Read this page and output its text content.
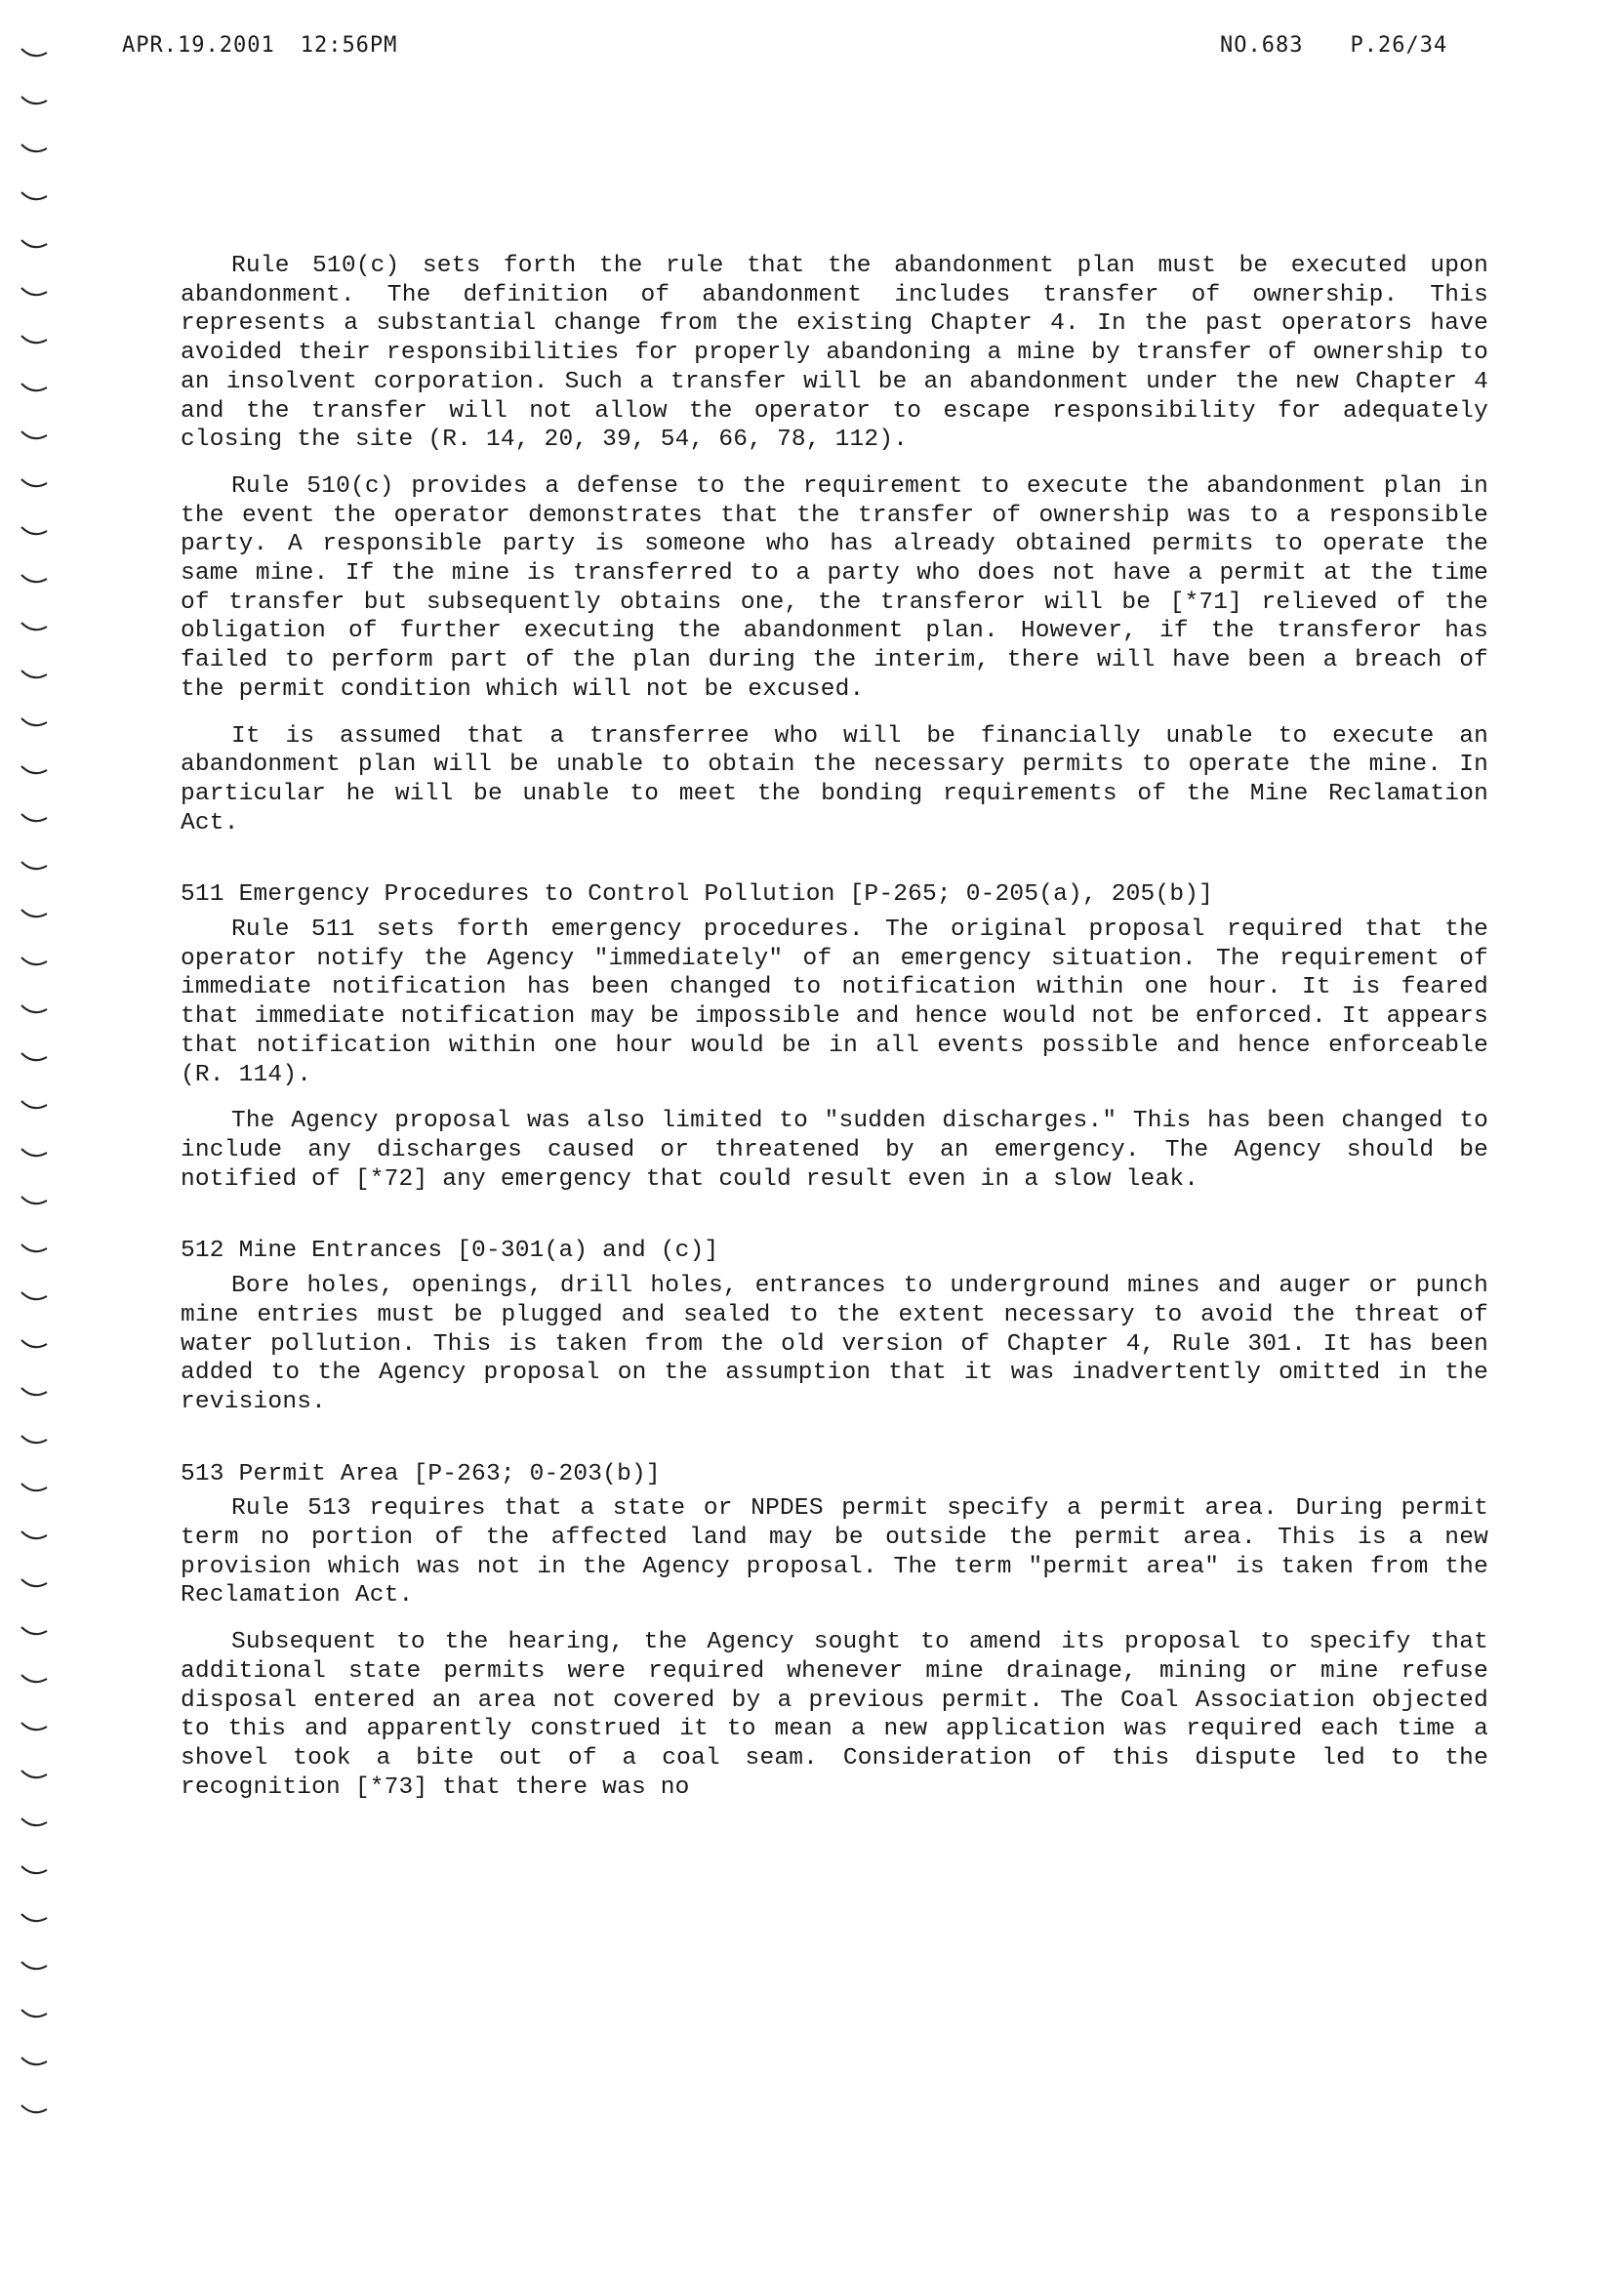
APR.19.2001 12:56PM	NO.683 P.26/34

Rule 510(c) sets forth the rule that the abandonment plan must be executed upon abandonment. The definition of abandonment includes transfer of ownership. This represents a substantial change from the existing Chapter 4. In the past operators have avoided their responsibilities for properly abandoning a mine by transfer of ownership to an insolvent corporation. Such a transfer will be an abandonment under the new Chapter 4 and the transfer will not allow the operator to escape responsibility for adequately closing the site (R. 14, 20, 39, 54, 66, 78, 112).

Rule 510(c) provides a defense to the requirement to execute the abandonment plan in the event the operator demonstrates that the transfer of ownership was to a responsible party. A responsible party is someone who has already obtained permits to operate the same mine. If the mine is transferred to a party who does not have a permit at the time of transfer but subsequently obtains one, the transferor will be [*71] relieved of the obligation of further executing the abandonment plan. However, if the transferor has failed to perform part of the plan during the interim, there will have been a breach of the permit condition which will not be excused.

It is assumed that a transferree who will be financially unable to execute an abandonment plan will be unable to obtain the necessary permits to operate the mine. In particular he will be unable to meet the bonding requirements of the Mine Reclamation Act.

511 Emergency Procedures to Control Pollution [P-265; 0-205(a), 205(b)]

Rule 511 sets forth emergency procedures. The original proposal required that the operator notify the Agency "immediately" of an emergency situation. The requirement of immediate notification has been changed to notification within one hour. It is feared that immediate notification may be impossible and hence would not be enforced. It appears that notification within one hour would be in all events possible and hence enforceable (R. 114).

The Agency proposal was also limited to "sudden discharges." This has been changed to include any discharges caused or threatened by an emergency. The Agency should be notified of [*72] any emergency that could result even in a slow leak.

512 Mine Entrances [0-301(a) and (c)]

Bore holes, openings, drill holes, entrances to underground mines and auger or punch mine entries must be plugged and sealed to the extent necessary to avoid the threat of water pollution. This is taken from the old version of Chapter 4, Rule 301. It has been added to the Agency proposal on the assumption that it was inadvertently omitted in the revisions.

513 Permit Area [P-263; 0-203(b)]

Rule 513 requires that a state or NPDES permit specify a permit area. During permit term no portion of the affected land may be outside the permit area. This is a new provision which was not in the Agency proposal. The term "permit area" is taken from the Reclamation Act.

Subsequent to the hearing, the Agency sought to amend its proposal to specify that additional state permits were required whenever mine drainage, mining or mine refuse disposal entered an area not covered by a previous permit. The Coal Association objected to this and apparently construed it to mean a new application was required each time a shovel took a bite out of a coal seam. Consideration of this dispute led to the recognition [*73] that there was no
